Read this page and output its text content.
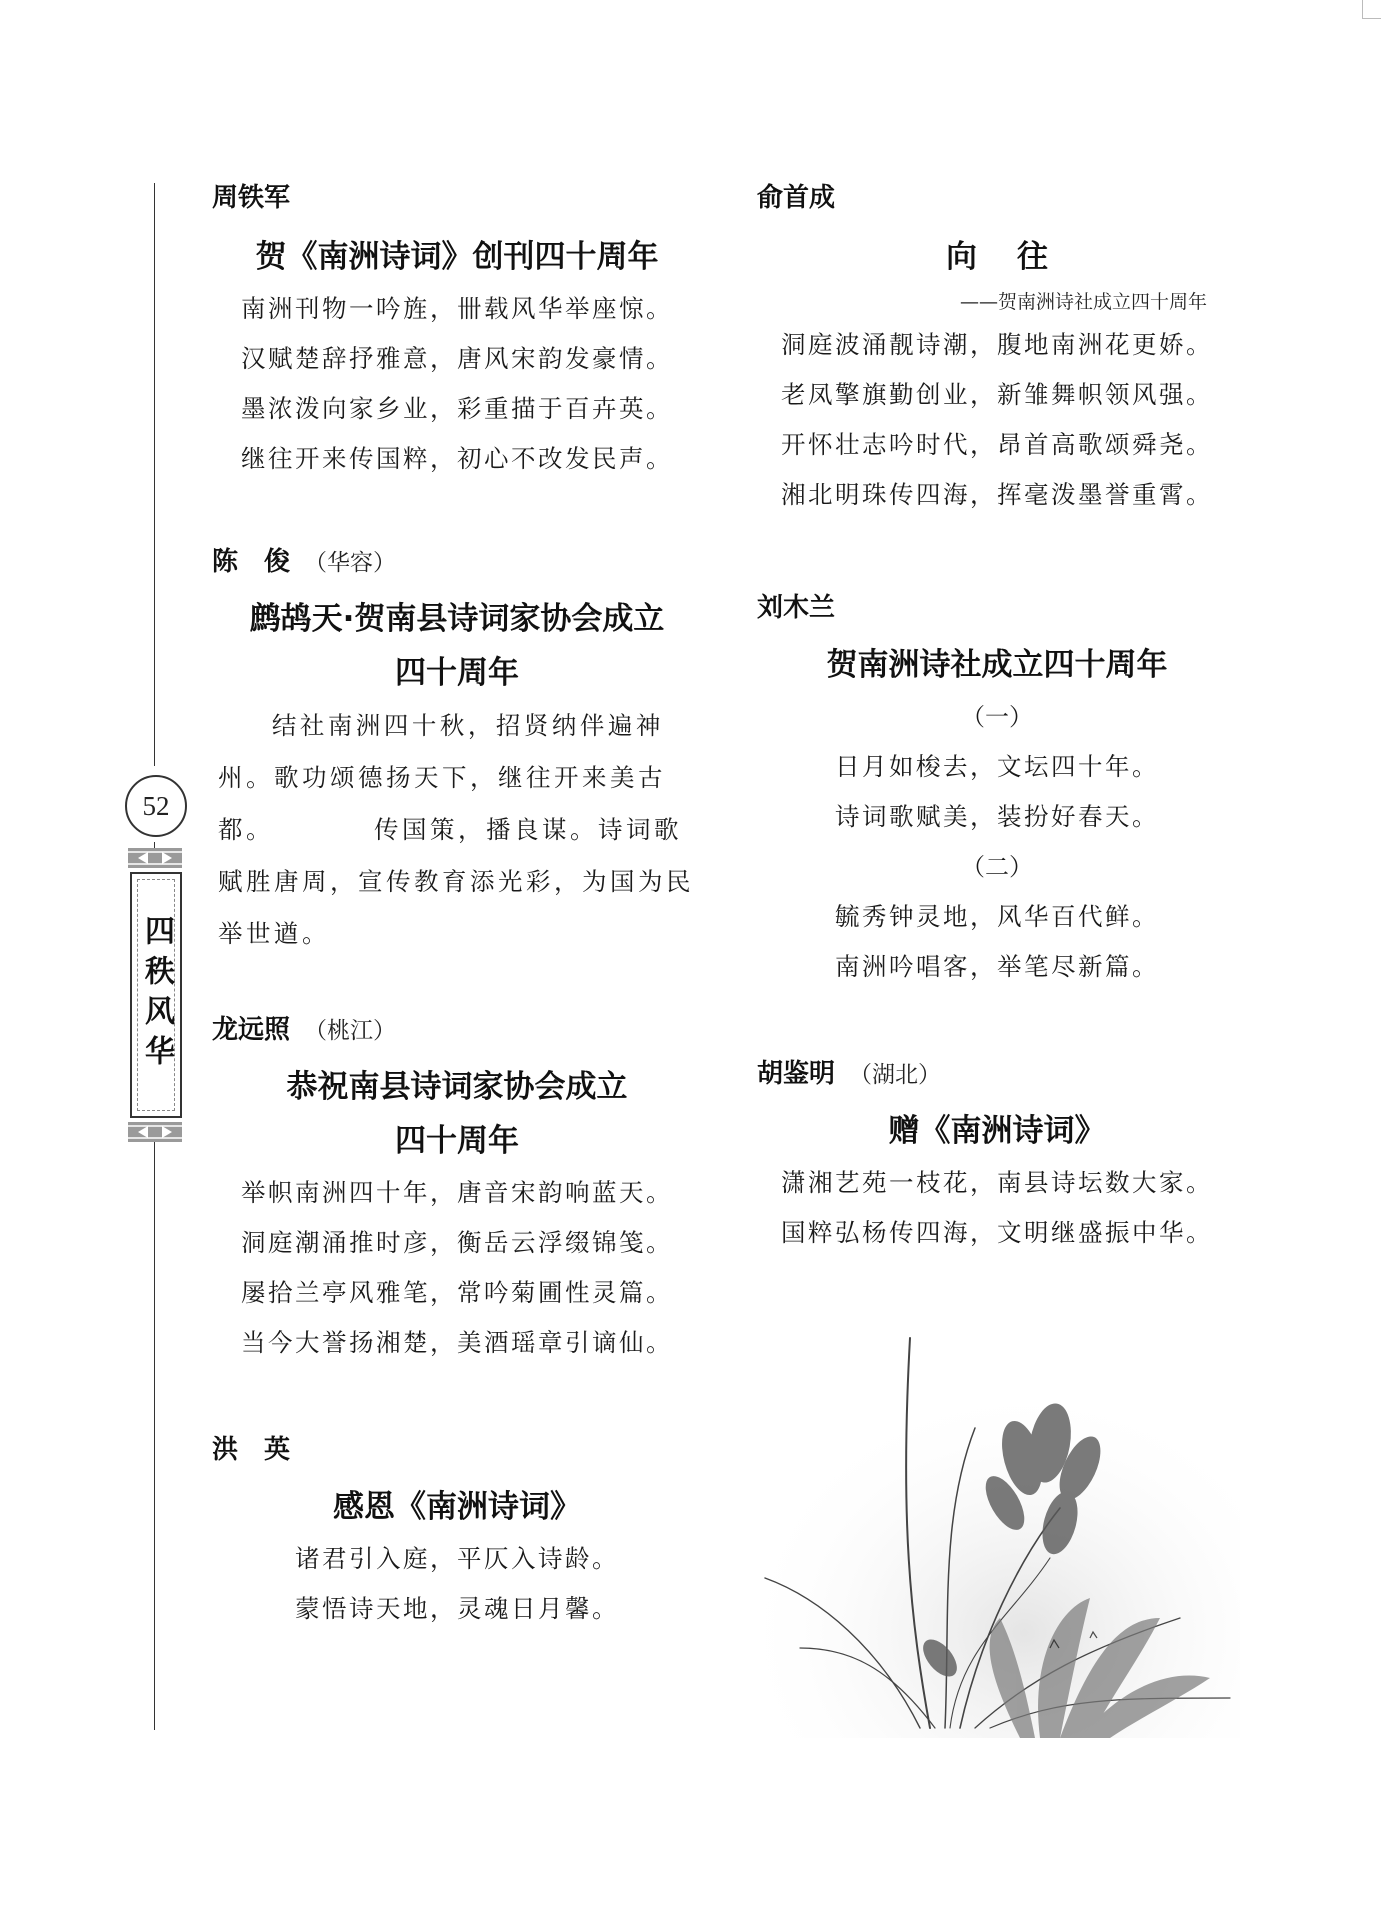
52
四秩风华
周铁军
贺《南洲诗词》创刊四十周年
南洲刊物一吟旌，卌载风华举座惊。
汉赋楚辞抒雅意，唐风宋韵发豪情。
墨浓泼向家乡业，彩重描于百卉英。
继往开来传国粹，初心不改发民声。
陈　俊 （华容）
鹧鸪天·贺南县诗词家协会成立
四十周年

结社南洲四十秋，招贤纳伴遍神州。歌功颂德扬天下，继往开来美古都。	传国策，播良谋。诗词歌赋胜唐周，宣传教育添光彩，为国为民举世遒。

龙远照 （桃江）
恭祝南县诗词家协会成立
四十周年
举帜南洲四十年，唐音宋韵响蓝天。
洞庭潮涌推时彦，衡岳云浮缀锦笺。
屡拾兰亭风雅笔，常吟菊圃性灵篇。
当今大誉扬湘楚，美酒瑶章引谪仙。
洪　英
感恩《南洲诗词》
诸君引入庭，平仄入诗龄。
蒙悟诗天地，灵魂日月馨。
俞首成
向往
——贺南洲诗社成立四十周年
洞庭波涌靓诗潮，腹地南洲花更娇。
老凤擎旗勤创业，新雏舞帜领风强。
开怀壮志吟时代，昂首高歌颂舜尧。
湘北明珠传四海，挥毫泼墨誉重霄。
刘木兰
贺南洲诗社成立四十周年
（一）
日月如梭去，文坛四十年。
诗词歌赋美，装扮好春天。
（二）
毓秀钟灵地，风华百代鲜。
南洲吟唱客，举笔尽新篇。
胡鉴明 （湖北）
赠《南洲诗词》
潇湘艺苑一枝花，南县诗坛数大家。
国粹弘杨传四海，文明继盛振中华。
